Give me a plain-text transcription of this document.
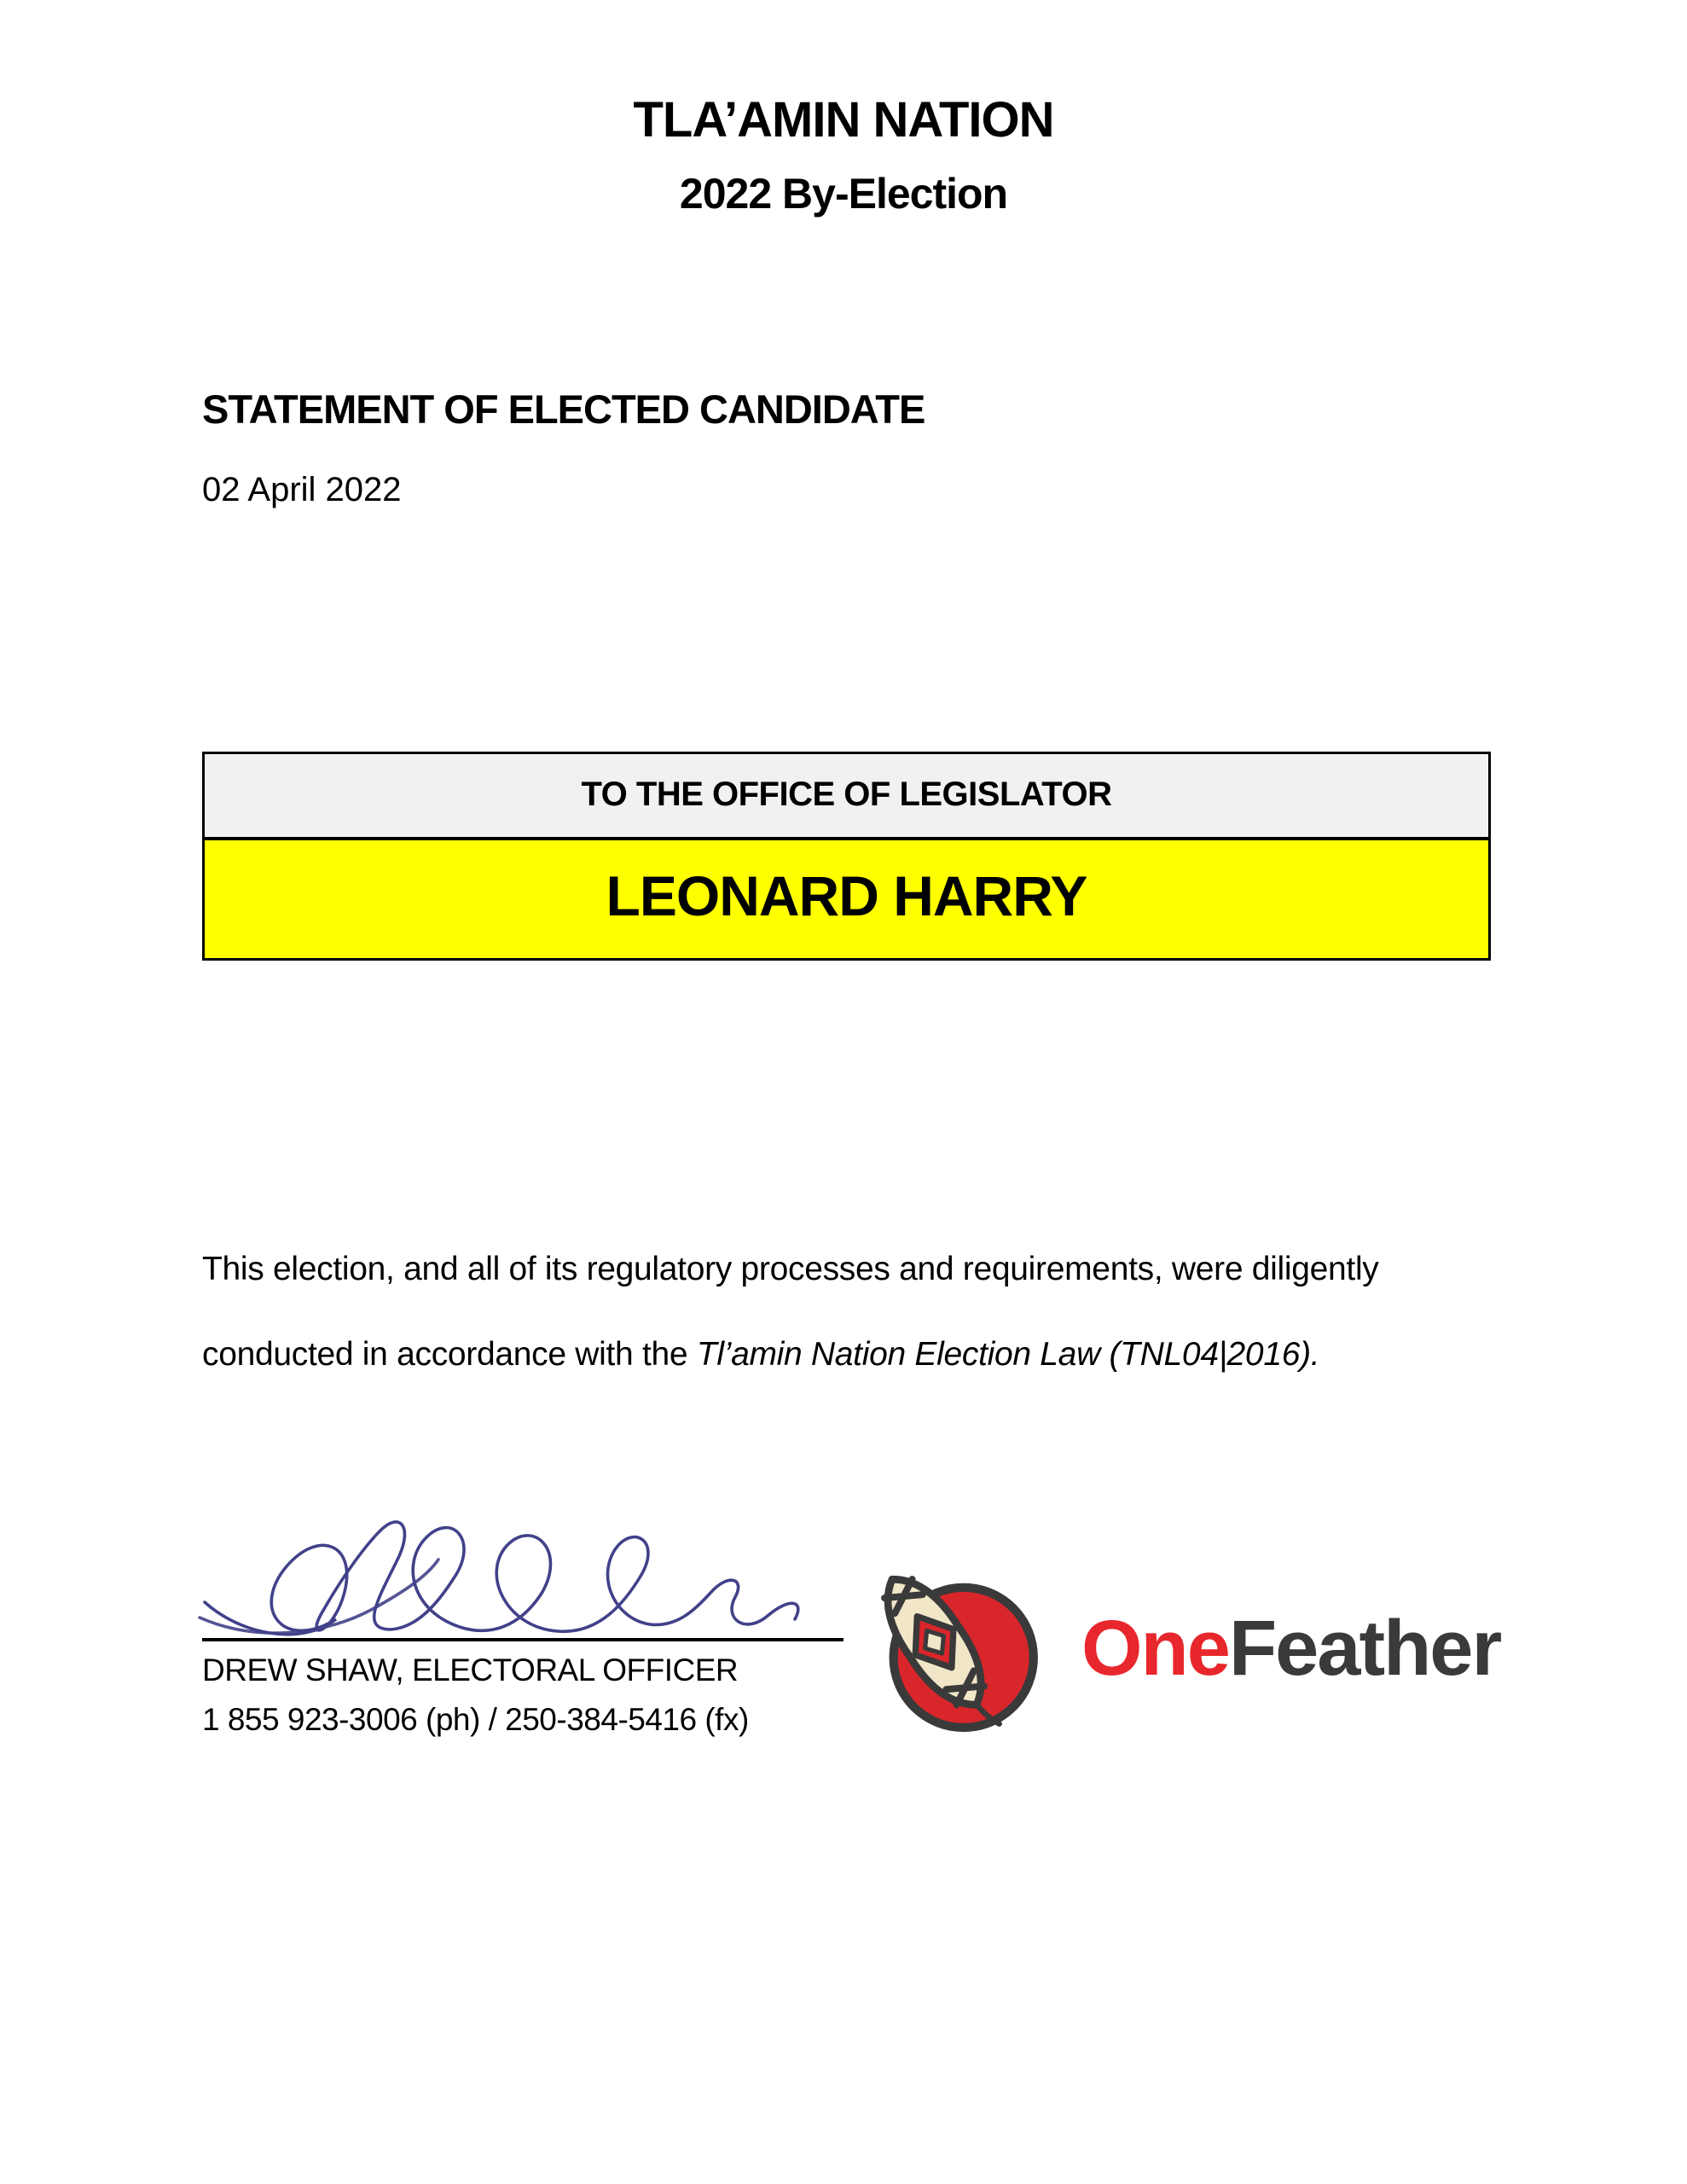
TLA’AMIN NATION
2022 By-Election
STATEMENT OF ELECTED CANDIDATE
02 April 2022
TO THE OFFICE OF LEGISLATOR
LEONARD HARRY

This election, and all of its regulatory processes and requirements, were diligently conducted in accordance with the Tl’amin Nation Election Law (TNL04|2016).

DREW SHAW, ELECTORAL OFFICER
1 855 923-3006 (ph) / 250-384-5416 (fx)
OneFeather
